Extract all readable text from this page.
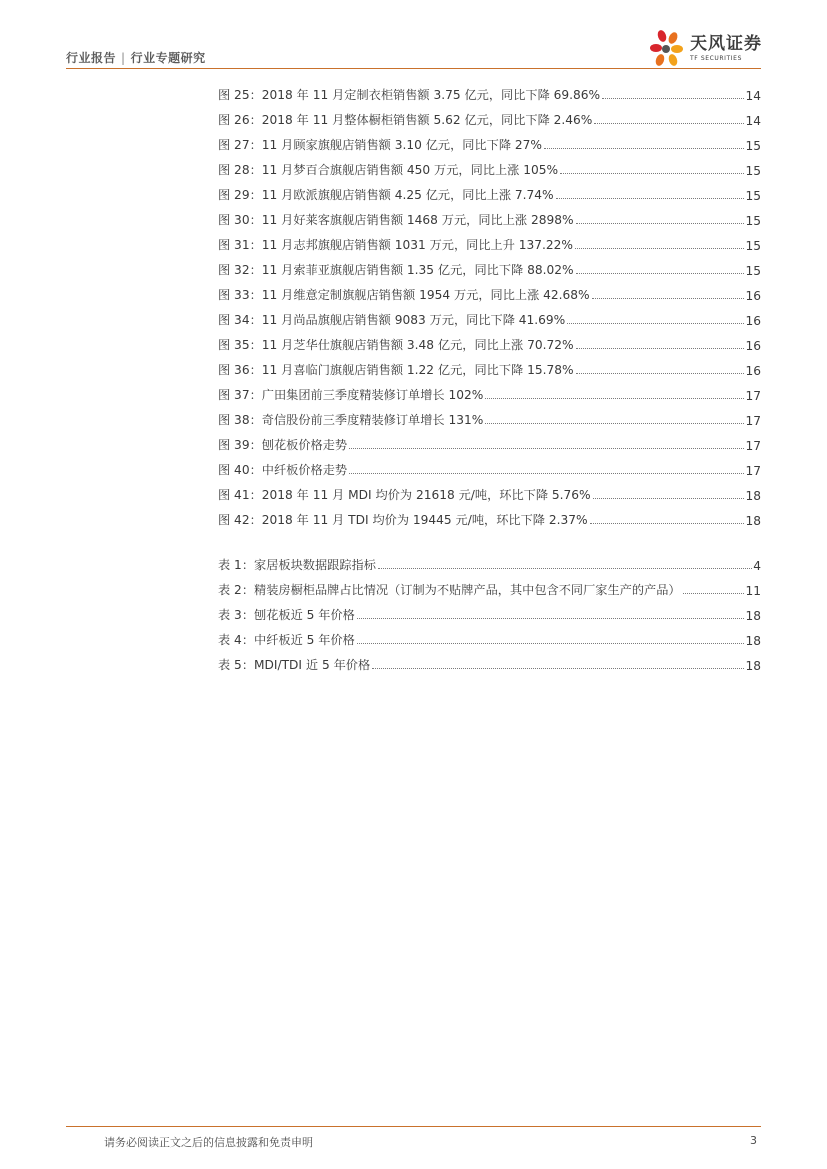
行业报告 | 行业专题研究
天风证券
TF SECURITIES
图 25：2018 年 11 月定制衣柜销售额 3.75 亿元，同比下降 69.86%	14
图 26：2018 年 11 月整体橱柜销售额 5.62 亿元，同比下降 2.46%	14
图 27：11 月顾家旗舰店销售额 3.10 亿元，同比下降 27%	15
图 28：11 月梦百合旗舰店销售额 450 万元，同比上涨 105%	15
图 29：11 月欧派旗舰店销售额 4.25 亿元，同比上涨 7.74%	15
图 30：11 月好莱客旗舰店销售额 1468 万元，同比上涨 2898%	15
图 31：11 月志邦旗舰店销售额 1031 万元，同比上升 137.22%	15
图 32：11 月索菲亚旗舰店销售额 1.35 亿元，同比下降 88.02%	15
图 33：11 月维意定制旗舰店销售额 1954 万元，同比上涨 42.68%	16
图 34：11 月尚品旗舰店销售额 9083 万元，同比下降 41.69%	16
图 35：11 月芝华仕旗舰店销售额 3.48 亿元，同比上涨 70.72%	16
图 36：11 月喜临门旗舰店销售额 1.22 亿元，同比下降 15.78%	16
图 37：广田集团前三季度精装修订单增长 102%	17
图 38：奇信股份前三季度精装修订单增长 131%	17
图 39：刨花板价格走势	17
图 40：中纤板价格走势	17
图 41：2018 年 11 月 MDI 均价为 21618 元/吨，环比下降 5.76%	18
图 42：2018 年 11 月 TDI 均价为 19445 元/吨，环比下降 2.37%	18
表 1：家居板块数据跟踪指标	4
表 2：精装房橱柜品牌占比情况（订制为不贴牌产品，其中包含不同厂家生产的产品）	11
表 3：刨花板近 5 年价格	18
表 4：中纤板近 5 年价格	18
表 5：MDI/TDI 近 5 年价格	18
请务必阅读正文之后的信息披露和免责申明	3
